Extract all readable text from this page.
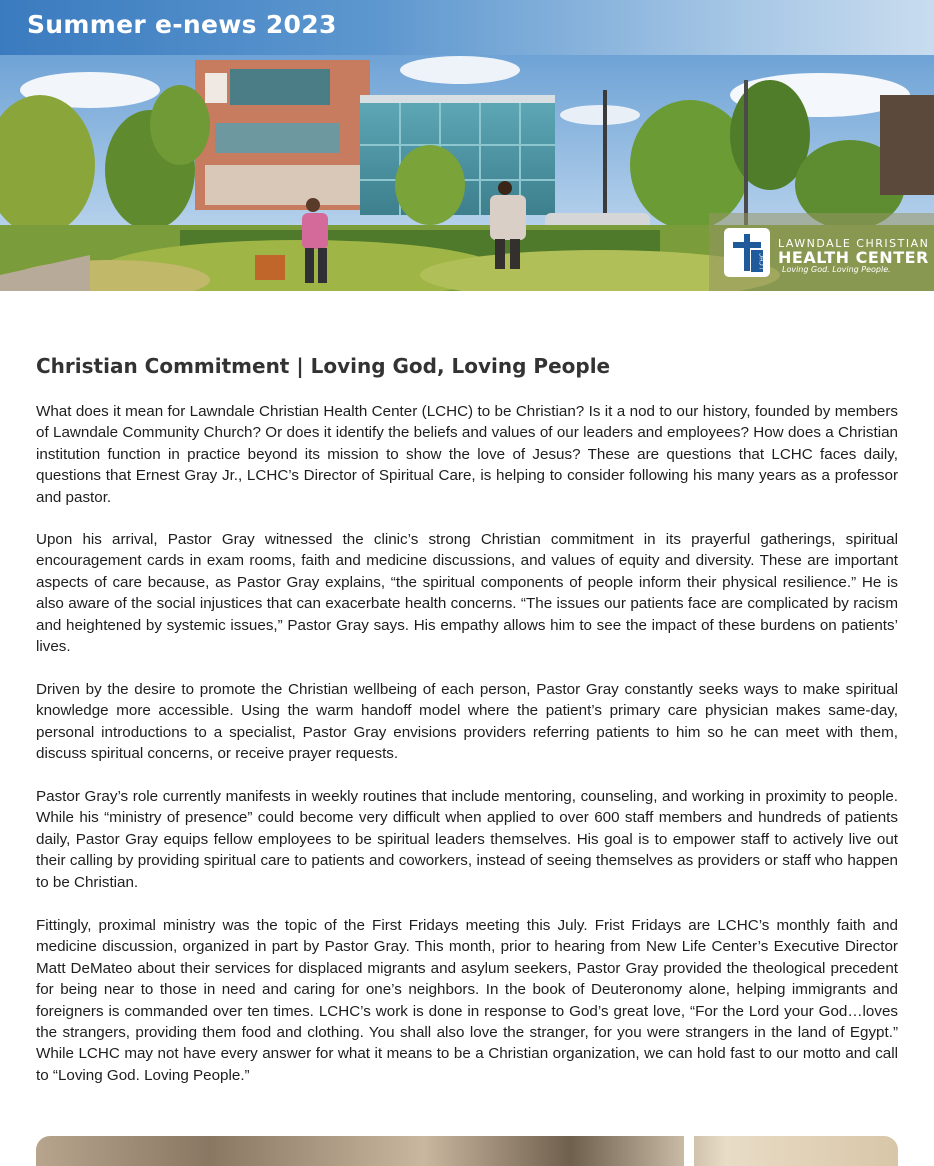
Summer e-news 2023
LCHC
LAWNDALE CHRISTIAN
HEALTH CENTER
Loving God. Loving People.
Christian Commitment | Loving God, Loving People
What does it mean for Lawndale Christian Health Center (LCHC) to be Christian? Is it a nod to our history, founded by members of Lawndale Community Church? Or does it identify the beliefs and values of our leaders and employees? How does a Christian institution function in practice beyond its mission to show the love of Jesus? These are questions that LCHC faces daily, questions that Ernest Gray Jr., LCHC’s Director of Spiritual Care, is helping to consider following his many years as a professor and pastor.
Upon his arrival, Pastor Gray witnessed the clinic’s strong Christian commitment in its prayerful gatherings, spiritual encouragement cards in exam rooms, faith and medicine discussions, and values of equity and diversity. These are important aspects of care because, as Pastor Gray explains, “the spiritual components of people inform their physical resilience.” He is also aware of the social injustices that can exacerbate health concerns. “The issues our patients face are complicated by racism and heightened by systemic issues,” Pastor Gray says. His empathy allows him to see the impact of these burdens on patients’ lives.
Driven by the desire to promote the Christian wellbeing of each person, Pastor Gray constantly seeks ways to make spiritual knowledge more accessible. Using the warm handoff model where the patient’s primary care physician makes same-day, personal introductions to a specialist, Pastor Gray envisions providers referring patients to him so he can meet with them, discuss spiritual concerns, or receive prayer requests.
Pastor Gray’s role currently manifests in weekly routines that include mentoring, counseling, and working in proximity to people. While his “ministry of presence” could become very difficult when applied to over 600 staff members and hundreds of patients daily, Pastor Gray equips fellow employees to be spiritual leaders themselves. His goal is to empower staff to actively live out their calling by providing spiritual care to patients and coworkers, instead of seeing themselves as providers or staff who happen to be Christian.
Fittingly, proximal ministry was the topic of the First Fridays meeting this July. Frist Fridays are LCHC’s monthly faith and medicine discussion, organized in part by Pastor Gray. This month, prior to hearing from New Life Center’s Executive Director Matt DeMateo about their services for displaced migrants and asylum seekers, Pastor Gray provided the theological precedent for being near to those in need and caring for one’s neighbors. In the book of Deuteronomy alone, helping immigrants and foreigners is commanded over ten times. LCHC’s work is done in response to God’s great love, “For the Lord your God…loves the strangers, providing them food and clothing. You shall also love the stranger, for you were strangers in the land of Egypt.” While LCHC may not have every answer for what it means to be a Christian organization, we can hold fast to our motto and call to “Loving God. Loving People.”
